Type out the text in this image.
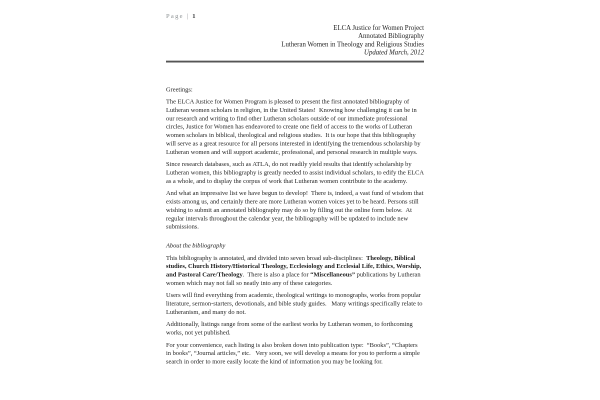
Page | 1
ELCA Justice for Women Project
Annotated Bibliography
Lutheran Women in Theology and Religious Studies
Updated March, 2012

Greetings:

The ELCA Justice for Women Program is pleased to present the first annotated bibliography of Lutheran women scholars in religion, in the United States!  Knowing how challenging it can be in our research and writing to find other Lutheran scholars outside of our immediate professional circles, Justice for Women has endeavored to create one field of access to the works of Lutheran women scholars in biblical, theological and religious studies.  It is our hope that this bibliography will serve as a great resource for all persons interested in identifying the tremendous scholarship by Lutheran women and will support academic, professional, and personal research in multiple ways.

Since research databases, such as ATLA, do not readily yield results that identify scholarship by Lutheran women, this bibliography is greatly needed to assist individual scholars, to edify the ELCA as a whole, and to display the corpus of work that Lutheran women contribute to the academy.

And what an impressive list we have begun to develop!  There is, indeed, a vast fund of wisdom that exists among us, and certainly there are more Lutheran women voices yet to be heard. Persons still wishing to submit an annotated bibliography may do so by filling out the online form below.  At regular intervals throughout the calendar year, the bibliography will be updated to include new submissions.

About the bibliography

This bibliography is annotated, and divided into seven broad sub-disciplines:  Theology, Biblical studies, Church History/Historical Theology, Ecclesiology and Ecclesial Life, Ethics, Worship, and Pastoral Care/Theology.  There is also a place for “Miscellaneous” publications by Lutheran women which may not fall so neatly into any of these categories.

Users will find everything from academic, theological writings to monographs, works from popular literature, sermon-starters, devotionals, and bible study guides.   Many writings specifically relate to Lutheranism, and many do not.

Additionally, listings range from some of the earliest works by Lutheran women, to forthcoming works, not yet published.

For your convenience, each listing is also broken down into publication type:  “Books”, “Chapters in books”, “Journal articles,” etc.   Very soon, we will develop a means for you to perform a simple search in order to more easily locate the kind of information you may be looking for.
